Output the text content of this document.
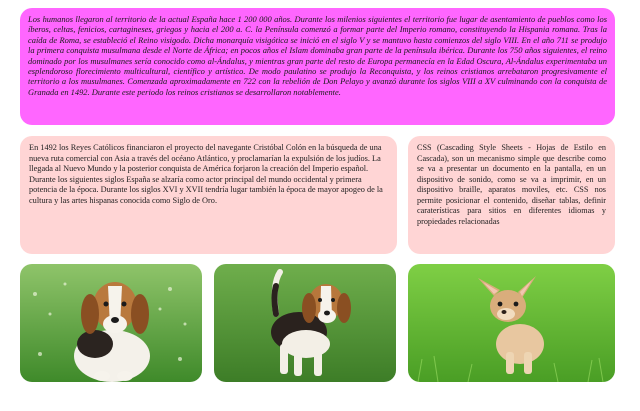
Los humanos llegaron al territorio de la actual España hace 1 200 000 años. Durante los milenios siguientes el territorio fue lugar de asentamiento de pueblos como los íberos, celtas, fenicios, cartagineses, griegos y hacia el 200 a. C. la Península comenzó a formar parte del Imperio romano, constituyendo la Hispania romana. Tras la caída de Roma, se estableció el Reino visigodo. Dicha monarquía visigótica se inició en el siglo V y se mantuvo hasta comienzos del siglo VIII. En el año 711 se produjo la primera conquista musulmana desde el Norte de África; en pocos años el Islam dominaba gran parte de la península ibérica. Durante los 750 años siguientes, el reino dominado por los musulmanes sería conocido como al-Ándalus, y mientras gran parte del resto de Europa permanecía en la Edad Oscura, Al-Ándalus experimentaba un esplendoroso florecimiento multicultural, científico y artístico. De modo paulatino se produjo la Reconquista, y los reinos cristianos arrebataron progresivamente el territorio a los musulmanes. Comenzada aproximadamente en 722 con la rebelión de Don Pelayo y avanzó durante los siglos VIII a XV culminando con la conquista de Granada en 1492. Durante este periodo los reinos cristianos se desarrollaron notablemente.
En 1492 los Reyes Católicos financiaron el proyecto del navegante Cristóbal Colón en la búsqueda de una nueva ruta comercial con Asia a través del océano Atlántico, y proclamarían la expulsión de los judíos. La llegada al Nuevo Mundo y la posterior conquista de América forjaron la creación del Imperio español. Durante los siguientes siglos España se alzaría como actor principal del mundo occidental y primera potencia de la época. Durante los siglos XVI y XVII tendría lugar también la época de mayor apogeo de la cultura y las artes hispanas conocida como Siglo de Oro.
CSS (Cascading Style Sheets - Hojas de Estilo en Cascada), son un mecanismo simple que describe como se va a presentar un documento en la pantalla, en un dispositivo de sonido, como se va a imprimir, en un dispositivo braille, aparatos moviles, etc. CSS nos permite posicionar el contenido, diseñar tablas, definir caraterísticas para sitios en diferentes idiomas y propiedades relacionadas
